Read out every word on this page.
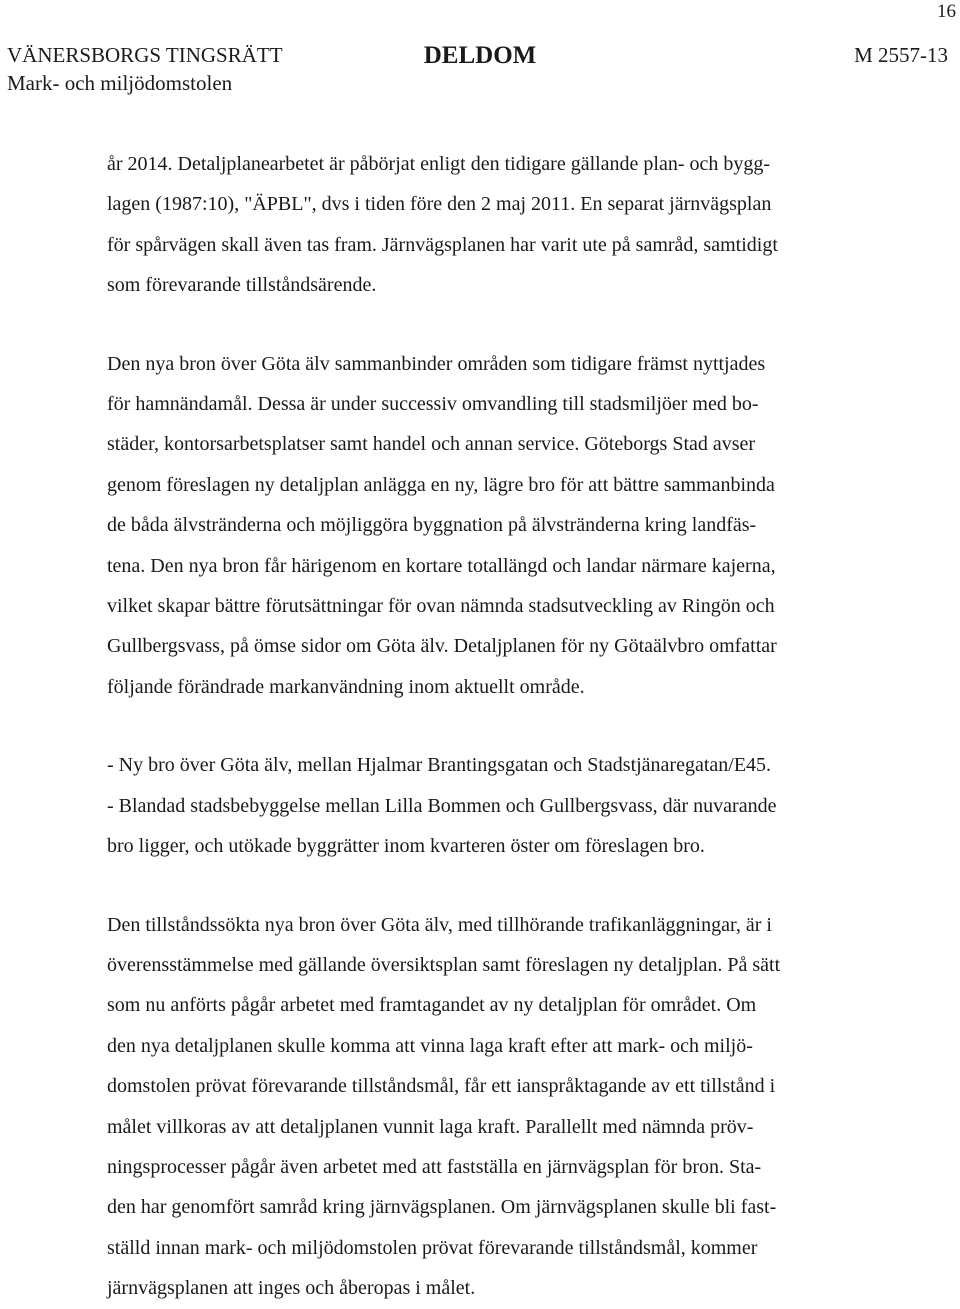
16
VÄNERSBORGS TINGSRÄTT	DELDOM	M 2557-13
Mark- och miljödomstolen
år 2014. Detaljplanearbetet är påbörjat enligt den tidigare gällande plan- och bygg-
lagen (1987:10), "ÄPBL", dvs i tiden före den 2 maj 2011. En separat järnvägsplan
för spårvägen skall även tas fram. Järnvägsplanen har varit ute på samråd, samtidigt
som förevarande tillståndsärende.
Den nya bron över Göta älv sammanbinder områden som tidigare främst nyttjades
för hamnändamål. Dessa är under successiv omvandling till stadsmiljöer med bo-
städer, kontorsarbetsplatser samt handel och annan service. Göteborgs Stad avser
genom föreslagen ny detaljplan anlägga en ny, lägre bro för att bättre sammanbinda
de båda älvstränderna och möjliggöra byggnation på älvstränderna kring landfäs-
tena. Den nya bron får härigenom en kortare totallängd och landar närmare kajerna,
vilket skapar bättre förutsättningar för ovan nämnda stadsutveckling av Ringön och
Gullbergsvass, på ömse sidor om Göta älv. Detaljplanen för ny Götaälvbro omfattar
följande förändrade markanvändning inom aktuellt område.
- Ny bro över Göta älv, mellan Hjalmar Brantingsgatan och Stadstjänaregatan/E45.
- Blandad stadsbebyggelse mellan Lilla Bommen och Gullbergsvass, där nuvarande
bro ligger, och utökade byggrätter inom kvarteren öster om föreslagen bro.
Den tillståndssökta nya bron över Göta älv, med tillhörande trafikanläggningar, är i
överensstämmelse med gällande översiktsplan samt föreslagen ny detaljplan. På sätt
som nu anförts pågår arbetet med framtagandet av ny detaljplan för området. Om
den nya detaljplanen skulle komma att vinna laga kraft efter att mark- och miljö-
domstolen prövat förevarande tillståndsmål, får ett ianspråktagande av ett tillstånd i
målet villkoras av att detaljplanen vunnit laga kraft. Parallellt med nämnda pröv-
ningsprocesser pågår även arbetet med att fastställa en järnvägsplan för bron. Sta-
den har genomfört samråd kring järnvägsplanen. Om järnvägsplanen skulle bli fast-
ställd innan mark- och miljödomstolen prövat förevarande tillståndsmål, kommer
järnvägsplanen att inges och åberopas i målet.
